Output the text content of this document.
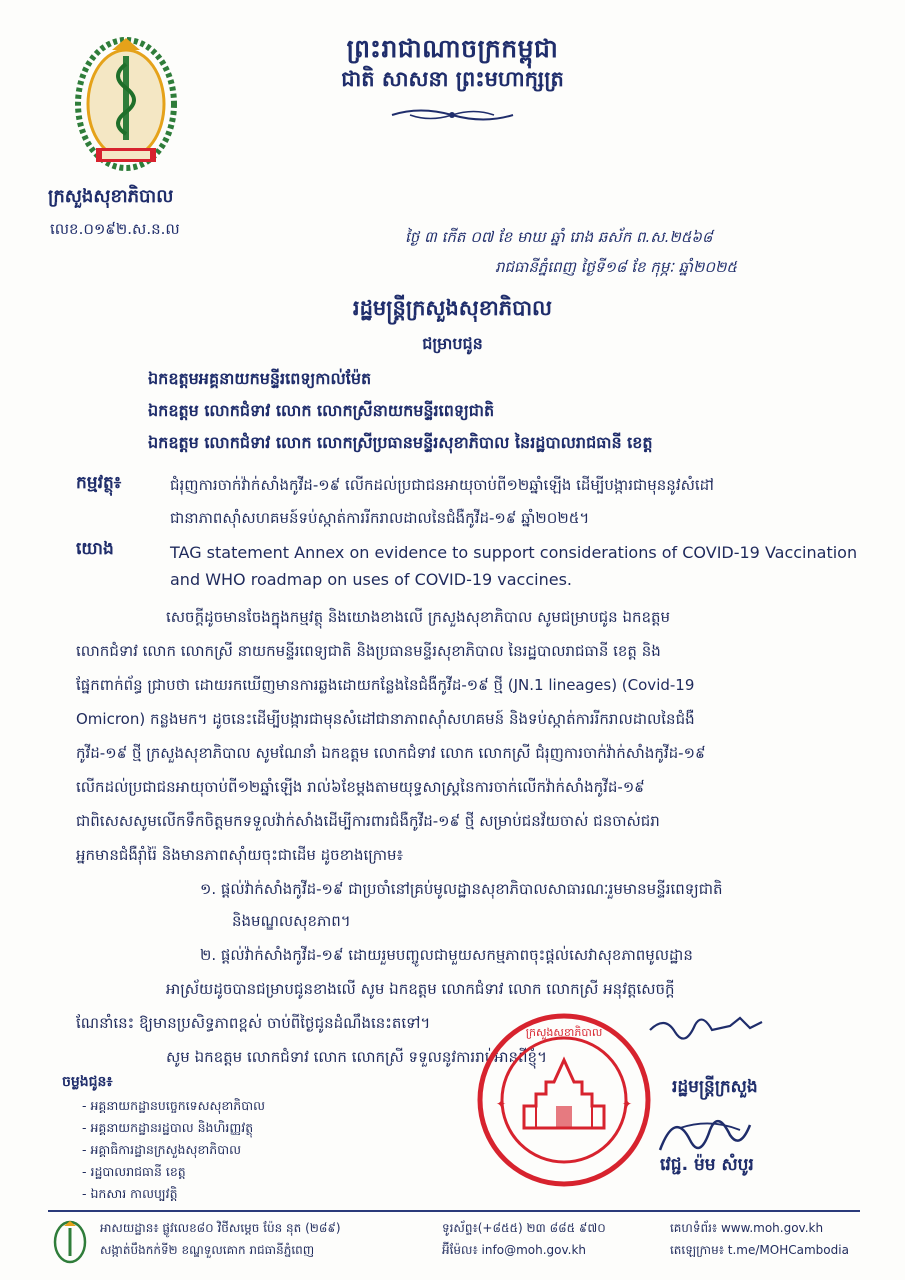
ព្រះរាជាណាចក្រកម្ពុជា
ជាតិ សាសនា ព្រះមហាក្សត្រ
ក្រសួងសុខាភិបាល
លេខ.០១៩២.ស.ន.ល	ថ្ងៃ ៣ កើត ០៧ ខែ មាឃ ឆ្នាំ រោង ឆស័ក ព.ស.២៥៦៨
រាជធានីភ្នំពេញ ថ្ងៃទី១៨ ខែ កុម្ភៈ ឆ្នាំ២០២៥
រដ្ឋមន្ត្រីក្រសួងសុខាភិបាល
ជម្រាបជូន
ឯកឧត្តមអគ្គនាយកមន្ទីរពេទ្យកាល់ម៉ែត
ឯកឧត្តម លោកជំទាវ លោក លោកស្រីនាយកមន្ទីរពេទ្យជាតិ
ឯកឧត្តម លោកជំទាវ លោក លោកស្រីប្រធានមន្ទីរសុខាភិបាល នៃរដ្ឋបាលរាជធានី ខេត្ត
កម្មវត្ថុ៖	ជំរុញការចាក់វ៉ាក់សាំងកូវីដ-១៩ លើកដល់ប្រជាជនអាយុចាប់ពី១២ឆ្នាំឡើង ដើម្បីបង្ការជាមុននូវសំដៅ
ជានាភាពស៊ាំសហគមន៍ទប់ស្កាត់ការរីករាលដាលនៃជំងឺកូវីដ-១៩ ឆ្នាំ២០២៥។
យោង	TAG statement Annex on evidence to support considerations of COVID-19 Vaccination
and WHO roadmap on uses of COVID-19 vaccines.
សេចក្ដីដូចមានចែងក្នុងកម្មវត្ថុ និងយោងខាងលើ ក្រសួងសុខាភិបាល សូមជម្រាបជូន ឯកឧត្តម
លោកជំទាវ លោក លោកស្រី នាយកមន្ទីរពេទ្យជាតិ និងប្រធានមន្ទីរសុខាភិបាល នៃរដ្ឋបាលរាជធានី ខេត្ត និង
ផ្នែកពាក់ព័ន្ធ ជ្រាបថា ដោយរកឃើញមានការឆ្លងដោយកន្លែងនៃជំងឺកូវីដ-១៩ ថ្មី (JN.1 lineages) (Covid-19
Omicron) កន្លងមក។ ដូចនេះដើម្បីបង្ការជាមុនសំដៅជានាភាពស៊ាំសហគមន៍ និងទប់ស្កាត់ការរីករាលដាលនៃជំងឺ
កូវីដ-១៩ ថ្មី ក្រសួងសុខាភិបាល សូមណែនាំ ឯកឧត្តម លោកជំទាវ លោក លោកស្រី ជំរុញការចាក់វ៉ាក់សាំងកូវីដ-១៩
លើកដល់ប្រជាជនអាយុចាប់ពី១២ឆ្នាំឡើង រាល់៦ខែម្ដងតាមយុទ្ធសាស្ត្រនៃការចាក់លើកវ៉ាក់សាំងកូវីដ-១៩
ជាពិសេសសូមលើកទឹកចិត្តមកទទួលវ៉ាក់សាំងដើម្បីការពារជំងឺកូវីដ-១៩ ថ្មី សម្រាប់ជនវ័យចាស់ ជនចាស់ជរា
អ្នកមានជំងឺរ៉ាំរ៉ៃ និងមានភាពស៊ាំយចុះជាដើម ដូចខាងក្រោម៖
១. ផ្ដល់វ៉ាក់សាំងកូវីដ-១៩ ជាប្រចាំនៅគ្រប់មូលដ្ឋានសុខាភិបាលសាធារណៈរួមមានមន្ទីរពេទ្យជាតិ
និងមណ្ឌលសុខភាព។
២. ផ្ដល់វ៉ាក់សាំងកូវីដ-១៩ ដោយរួមបញ្ចូលជាមួយសកម្មភាពចុះផ្ដល់សេវាសុខភាពមូលដ្ឋាន
អាស្រ័យដូចបានជម្រាបជូនខាងលើ សូម ឯកឧត្តម លោកជំទាវ លោក លោកស្រី អនុវត្តសេចក្ដី
ណែនាំនេះ ឱ្យមានប្រសិទ្ធភាពខ្ពស់ ចាប់ពីថ្ងៃជូនដំណឹងនេះតទៅ។
សូម ឯកឧត្តម លោកជំទាវ លោក លោកស្រី ទទួលនូវការរាប់អានពីខ្ញុំ។
ក្រសួងសុខាភិបាល
✦	✦
រដ្ឋមន្ត្រីក្រសួង
វេជ្ជ. ម៉ម សំបូរ
ចម្លងជូន៖
- អគ្គនាយកដ្ឋានបច្ចេកទេសសុខាភិបាល
- អគ្គនាយកដ្ឋានរដ្ឋបាល និងហិរញ្ញវត្ថុ
- អគ្គាធិការដ្ឋានក្រសួងសុខាភិបាល
- រដ្ឋបាលរាជធានី ខេត្ត
- ឯកសារ កាលប្បវត្តិ
អាសយដ្ឋាន៖ ផ្លូវលេខ៨០ វិថីសម្ដេច ប៉ែន នុត (២៨៩)
សង្កាត់បឹងកក់ទី២ ខណ្ឌទួលគោក រាជធានីភ្នំពេញ
ទូរស័ព្ទ៖(+៨៥៥) ២៣ ៨៨៥ ៩៧០
អ៊ីម៉ែល៖ info@moh.gov.kh
គេហទំព័រ៖ www.moh.gov.kh
តេឡេក្រាម៖ t.me/MOHCambodia
